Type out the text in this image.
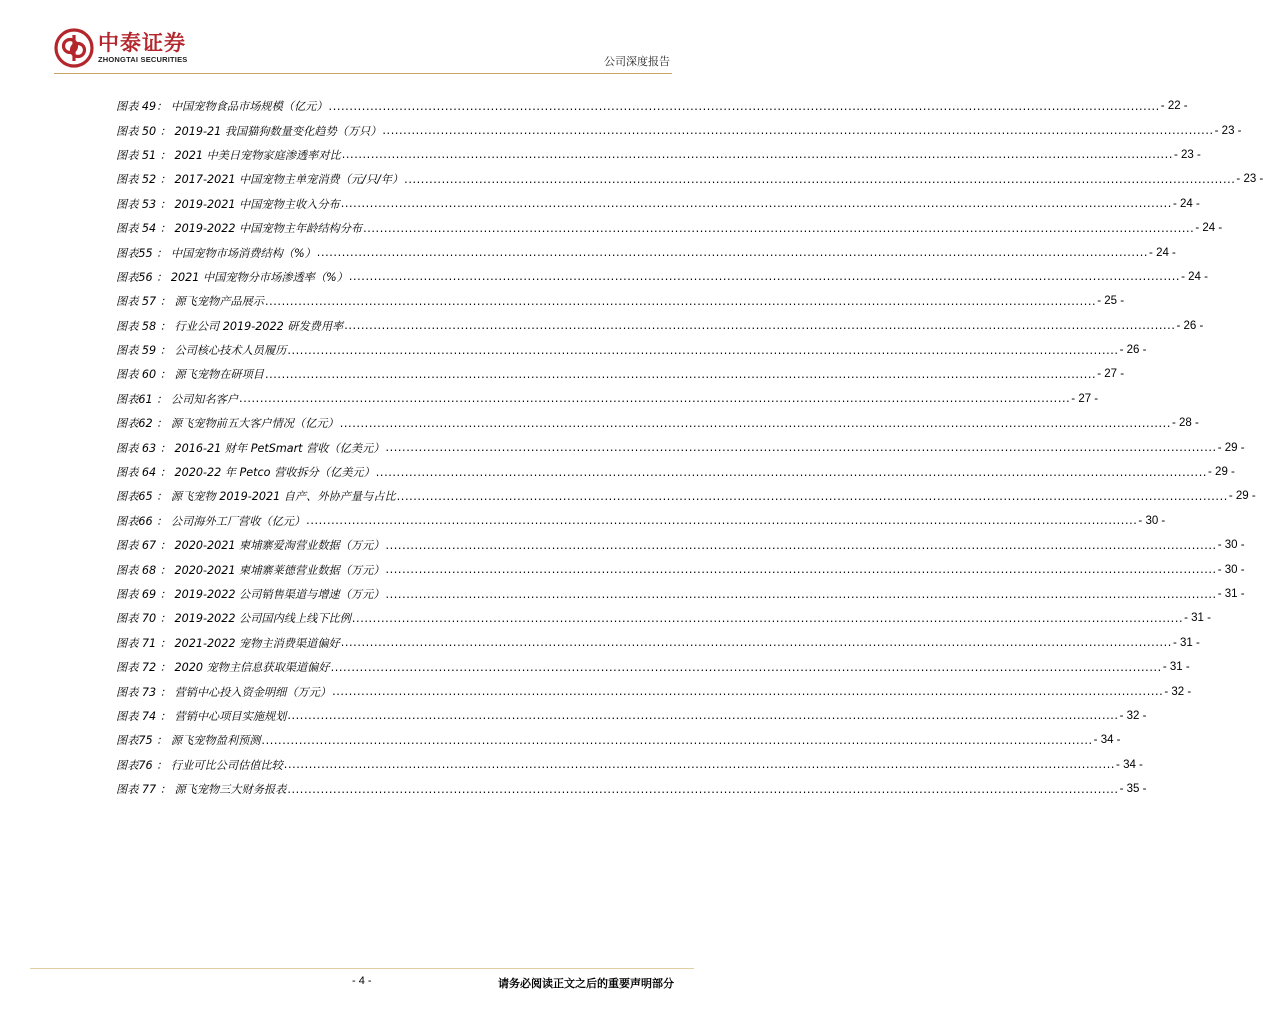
中泰证券
ZHONGTAI SECURITIES	公司深度报告
图表 49： 中国宠物食品市场规模（亿元） ........................................................................................................................................................................................................ - 22 -
图表 50 ： 2019-21 我国猫狗数量变化趋势（万只） ........................................................................................................................................................................................................ - 23 -
图表 51 ： 2021 中美日宠物家庭渗透率对比 ........................................................................................................................................................................................................ - 23 -
图表 52 ： 2017-2021 中国宠物主单宠消费（元/只/年） ........................................................................................................................................................................................................ - 23 -
图表 53 ： 2019-2021 中国宠物主收入分布 ........................................................................................................................................................................................................ - 24 -
图表 54 ： 2019-2022 中国宠物主年龄结构分布 ........................................................................................................................................................................................................ - 24 -
图表55 ： 中国宠物市场消费结构（%） ........................................................................................................................................................................................................ - 24 -
图表56 ： 2021 中国宠物分市场渗透率（%） ........................................................................................................................................................................................................ - 24 -
图表 57 ： 源飞宠物产品展示 ........................................................................................................................................................................................................ - 25 -
图表 58 ： 行业公司 2019-2022 研发费用率 ........................................................................................................................................................................................................ - 26 -
图表 59 ： 公司核心技术人员履历 ........................................................................................................................................................................................................ - 26 -
图表 60 ： 源飞宠物在研项目 ........................................................................................................................................................................................................ - 27 -
图表61 ： 公司知名客户 ........................................................................................................................................................................................................ - 27 -
图表62 ： 源飞宠物前五大客户情况（亿元） ........................................................................................................................................................................................................ - 28 -
图表 63 ： 2016-21 财年 PetSmart 营收（亿美元） ........................................................................................................................................................................................................ - 29 -
图表 64 ： 2020-22 年 Petco 营收拆分（亿美元） ........................................................................................................................................................................................................ - 29 -
图表65 ： 源飞宠物 2019-2021 自产、外协产量与占比 ........................................................................................................................................................................................................ - 29 -
图表66 ： 公司海外工厂营收（亿元） ........................................................................................................................................................................................................ - 30 -
图表 67 ： 2020-2021 柬埔寨爱淘营业数据（万元） ........................................................................................................................................................................................................ - 30 -
图表 68 ： 2020-2021 柬埔寨莱德营业数据（万元） ........................................................................................................................................................................................................ - 30 -
图表 69 ： 2019-2022 公司销售渠道与增速（万元） ........................................................................................................................................................................................................ - 31 -
图表 70 ： 2019-2022 公司国内线上线下比例 ........................................................................................................................................................................................................ - 31 -
图表 71 ： 2021-2022 宠物主消费渠道偏好 ........................................................................................................................................................................................................ - 31 -
图表 72 ： 2020 宠物主信息获取渠道偏好 ........................................................................................................................................................................................................ - 31 -
图表 73 ： 营销中心投入资金明细（万元） ........................................................................................................................................................................................................ - 32 -
图表 74 ： 营销中心项目实施规划 ........................................................................................................................................................................................................ - 32 -
图表75 ： 源飞宠物盈利预测 ........................................................................................................................................................................................................ - 34 -
图表76 ： 行业可比公司估值比较 ........................................................................................................................................................................................................ - 34 -
图表 77 ： 源飞宠物三大财务报表 ........................................................................................................................................................................................................ - 35 -
- 4 -	请务必阅读正文之后的重要声明部分
